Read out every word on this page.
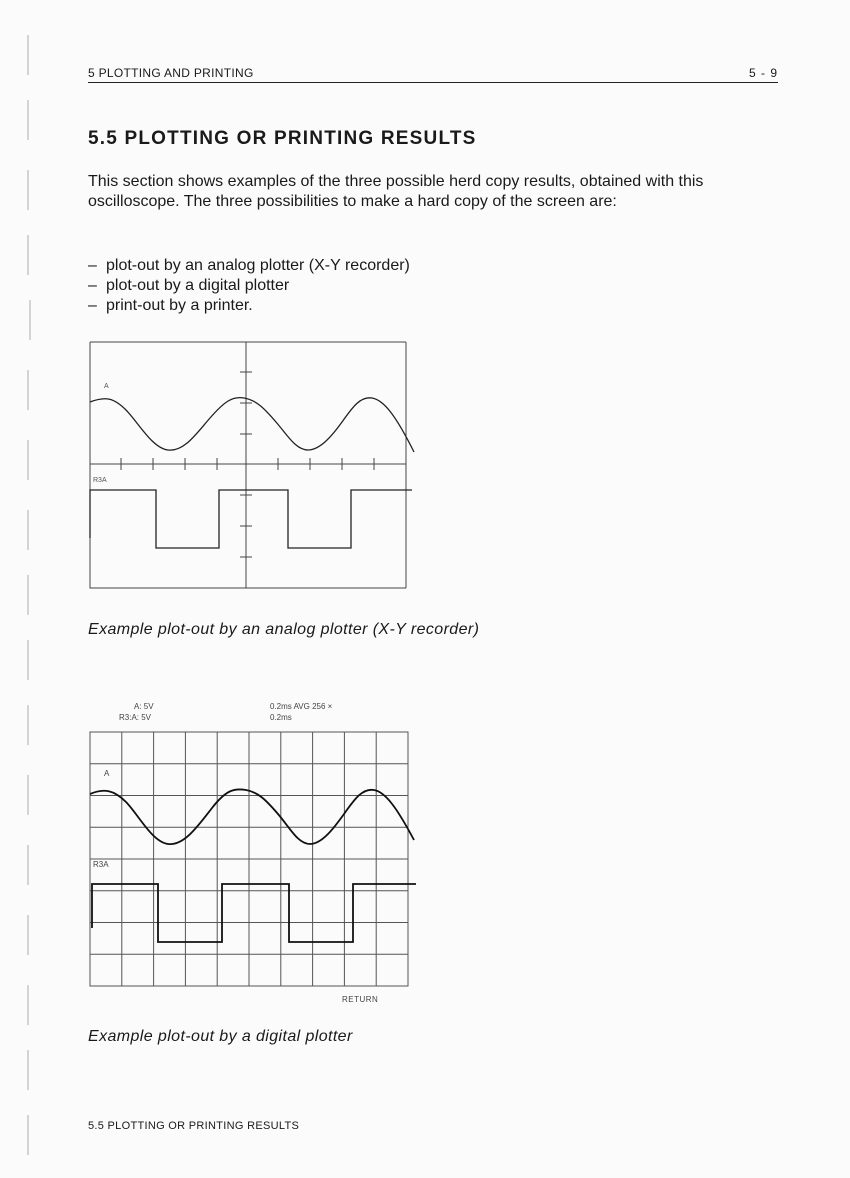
5 PLOTTING AND PRINTING	5 - 9
5.5 PLOTTING OR PRINTING RESULTS
This section shows examples of the three possible herd copy results, obtained with this oscilloscope. The three possibilities to make a hard copy of the screen are:
– plot-out by an analog plotter (X-Y recorder)
– plot-out by a digital plotter
– print-out by a printer.
A
R3A
Example plot-out by an analog plotter (X-Y recorder)
A: 5V
R3:A: 5V
0.2ms AVG 256 ×
0.2ms
A
R3A
RETURN
Example plot-out by a digital plotter
5.5 PLOTTING OR PRINTING RESULTS
